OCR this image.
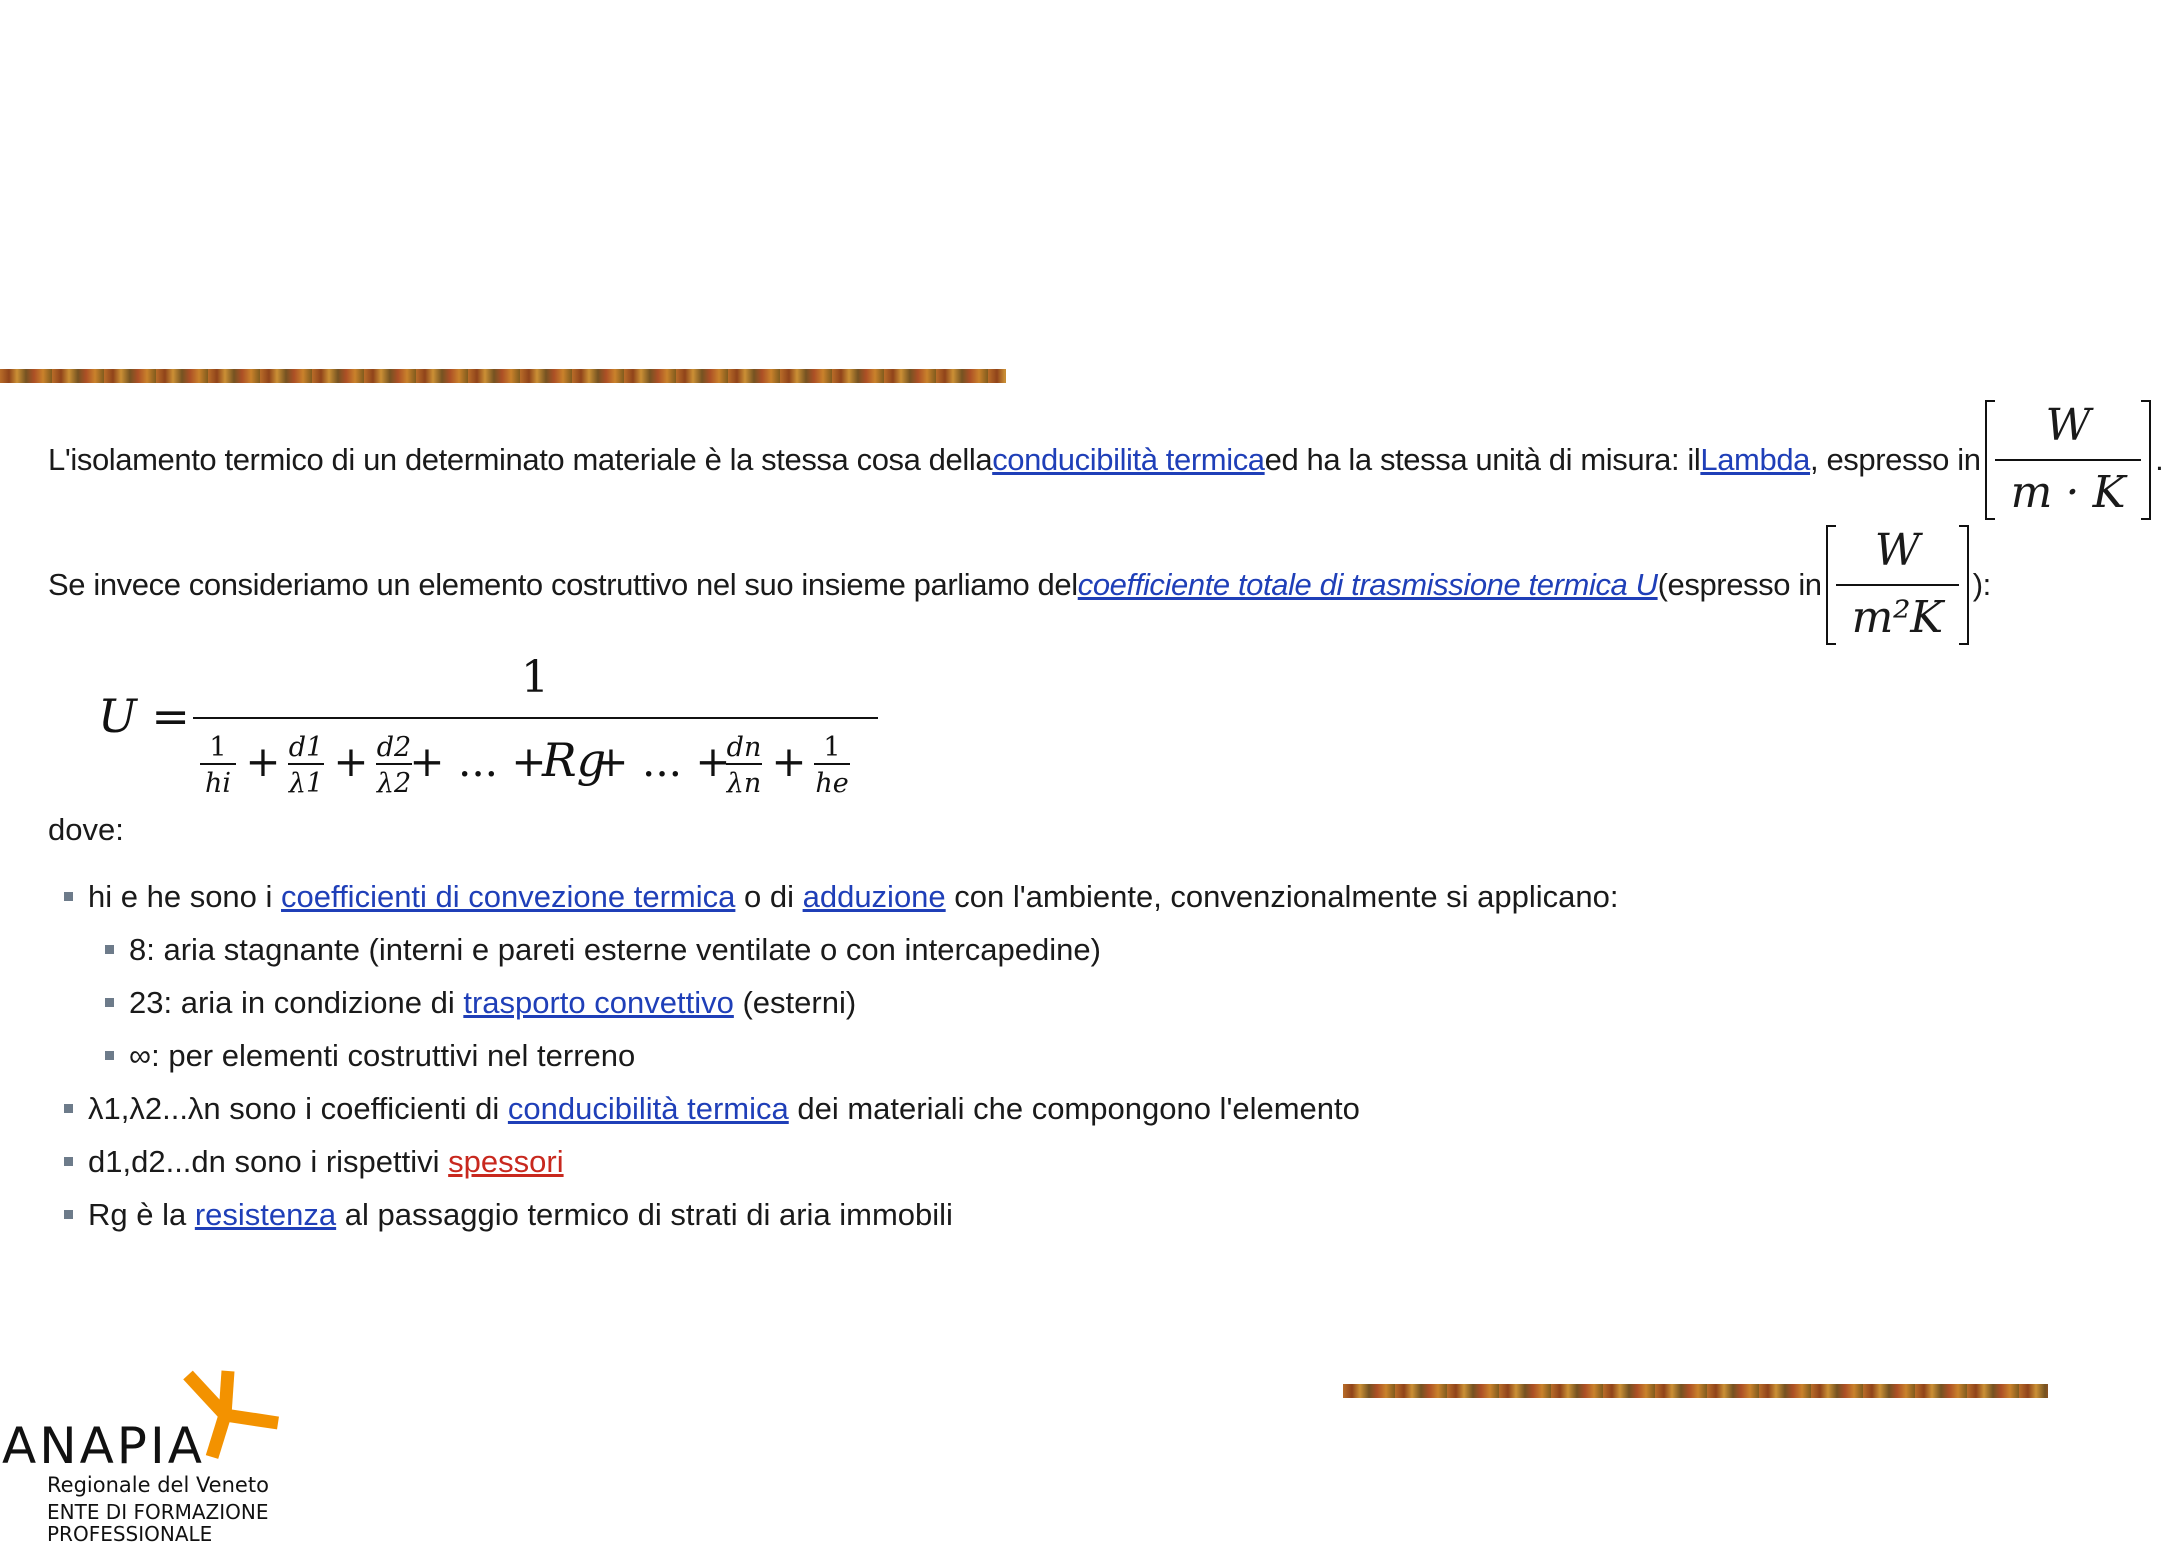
L'isolamento termico di un determinato materiale è la stessa cosa della conducibilità termica ed ha la stessa unità di misura: il Lambda , espresso in $\frac{W}{m \cdot K}$ .
Se invece consideriamo un elemento costruttivo nel suo insieme parliamo del coefficiente totale di trasmissione termica U (espresso in $\frac{W}{\text{m²K}}$ ):
U =
1
1
hi + d1
λ1 + d2
λ2
+ ... +
Rg
+ ... +
dn
λn + 1
he
dove:
hi e he sono i coefficienti di convezione termica o di adduzione con l'ambiente, convenzionalmente si applicano:
8: aria stagnante (interni e pareti esterne ventilate o con intercapedine)
23: aria in condizione di trasporto convettivo (esterni)
∞: per elementi costruttivi nel terreno
λ1,λ2...λn sono i coefficienti di conducibilità termica dei materiali che compongono l'elemento
d1,d2...dn sono i rispettivi spessori
Rg è la resistenza al passaggio termico di strati di aria immobili
ANAPIA
Regionale del Veneto
ENTE DI FORMAZIONE PROFESSIONALE
